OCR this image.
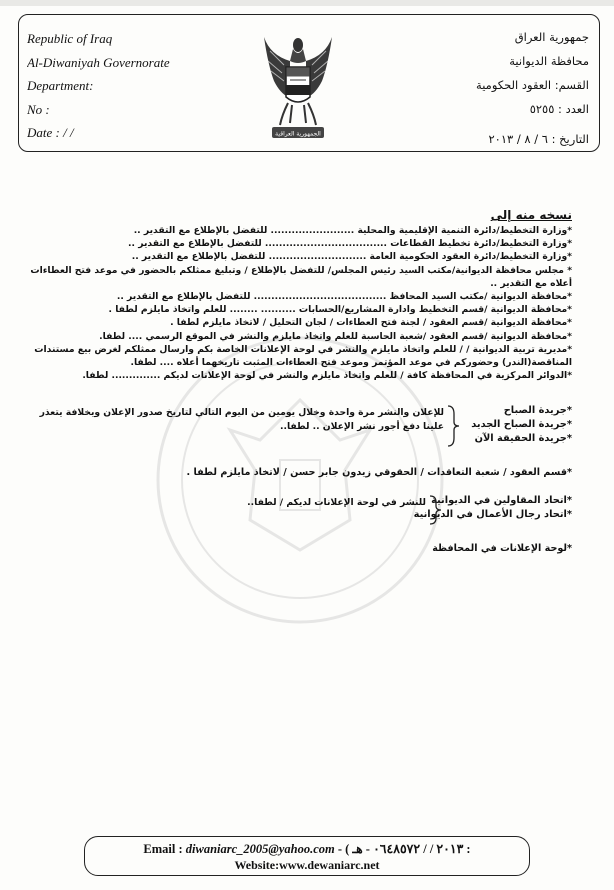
Republic of Iraq
Al-Diwaniyah Governorate
Department:
No :
Date : / /	الجمهورية العراقية
جمهورية العراق
محافظة الديوانية
القسم: العقود الحكومية
العدد : ٥٢٥٥
التاريخ : ٦ / ٨ / ٢٠١٣
نسخه منه إلى
*وزارة التخطيط/دائرة التنمية الإقليمية والمحلية ........................ للتفضل بالإطلاع مع التقدير ..
*وزارة التخطيط/دائرة تخطيط القطاعات ................................... للتفضل بالإطلاع مع التقدير ..
*وزارة التخطيط/دائرة العقود الحكومية العامة ............................ للتفضل بالإطلاع مع التقدير ..
* مجلس محافظة الديوانية/مكتب السيد رئيس المجلس/ للتفضل بالإطلاع / وتبليغ ممثلكم بالحضور في موعد فتح العطاءات أعلاه مع التقدير ..
*محافظة الديوانية /مكتب السيد المحافظ ...................................... للتفضل بالإطلاع مع التقدير ..
*محافظة الديوانية /قسم التخطيط وادارة المشاريع/الحسابات .......... ........ للعلم واتخاذ مايلزم لطفا .
*محافظة الديوانية /قسم العقود / لجنة فتح العطاءات / لجان التحليل / لاتخاذ مايلزم لطفا .
*محافظة الديوانية /قسم العقود /شعبة الحاسبة للعلم واتخاذ مايلزم والنشر في الموقع الرسمي .... لطفا.
*مديرية تربية الديوانية / / للعلم واتخاذ مايلزم والنشر في لوحة الإعلانات الخاصة بكم وارسال ممثلكم لغرض بيع مستندات المناقصة(الندر) وحضوركم في موعد المؤتمر وموعد فتح العطاءات المثبت تاريخهما أعلاه .... لطفا.
*الدوائر المركزية في المحافظة كافة / للعلم واتخاذ مايلزم والنشر في لوحة الإعلانات لديكم .............. لطفا.
*جريدة الصباح
*جريدة الصباح الجديد
*جريدة الحقيقة الآن
للإعلان والنشر مرة واحدة وخلال يومين من اليوم التالي لتاريخ صدور الإعلان ويخلافة يتعذر علينا دفع أجور نشر الإعلان .. لطفا..
*قسم العقود / شعبة التعاقدات / الحقوقي زيدون جابر حسن / لاتخاذ مايلزم لطفا .
*اتحاد المقاولين في الديوانية
*اتحاد رجال الأعمال في الديوانية
للنشر في لوحة الإعلانات لديكم / لطفا..
*لوحة الإعلانات في المحافظة
Email : diwaniarc_2005@yahoo.com - ( ٢٠١٣ / / ٠٦٤٨٥٧٢ - هـ :
Website:www.dewaniarc.net
